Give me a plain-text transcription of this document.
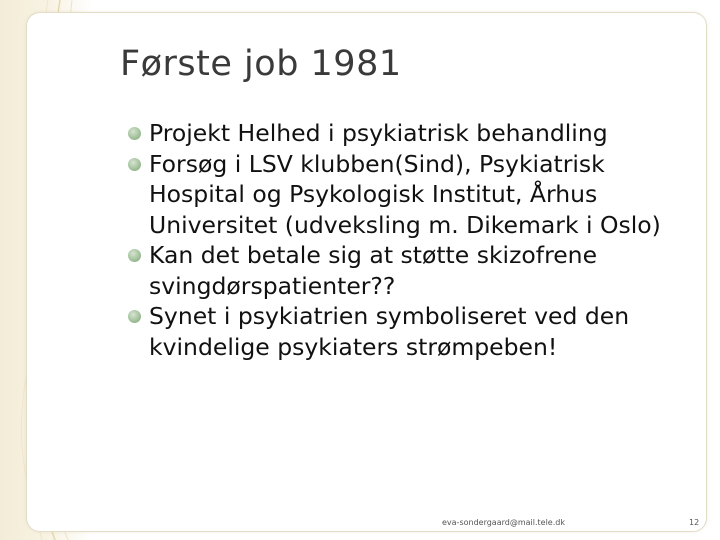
Første job 1981
Projekt Helhed i psykiatrisk behandling
Forsøg i LSV klubben(Sind), Psykiatrisk Hospital og Psykologisk Institut, Århus Universitet (udveksling m. Dikemark i Oslo)
Kan det betale sig at støtte skizofrene svingdørspatienter??
Synet i psykiatrien symboliseret ved den kvindelige psykiaters strømpeben!
eva-sondergaard@mail.tele.dk	12
